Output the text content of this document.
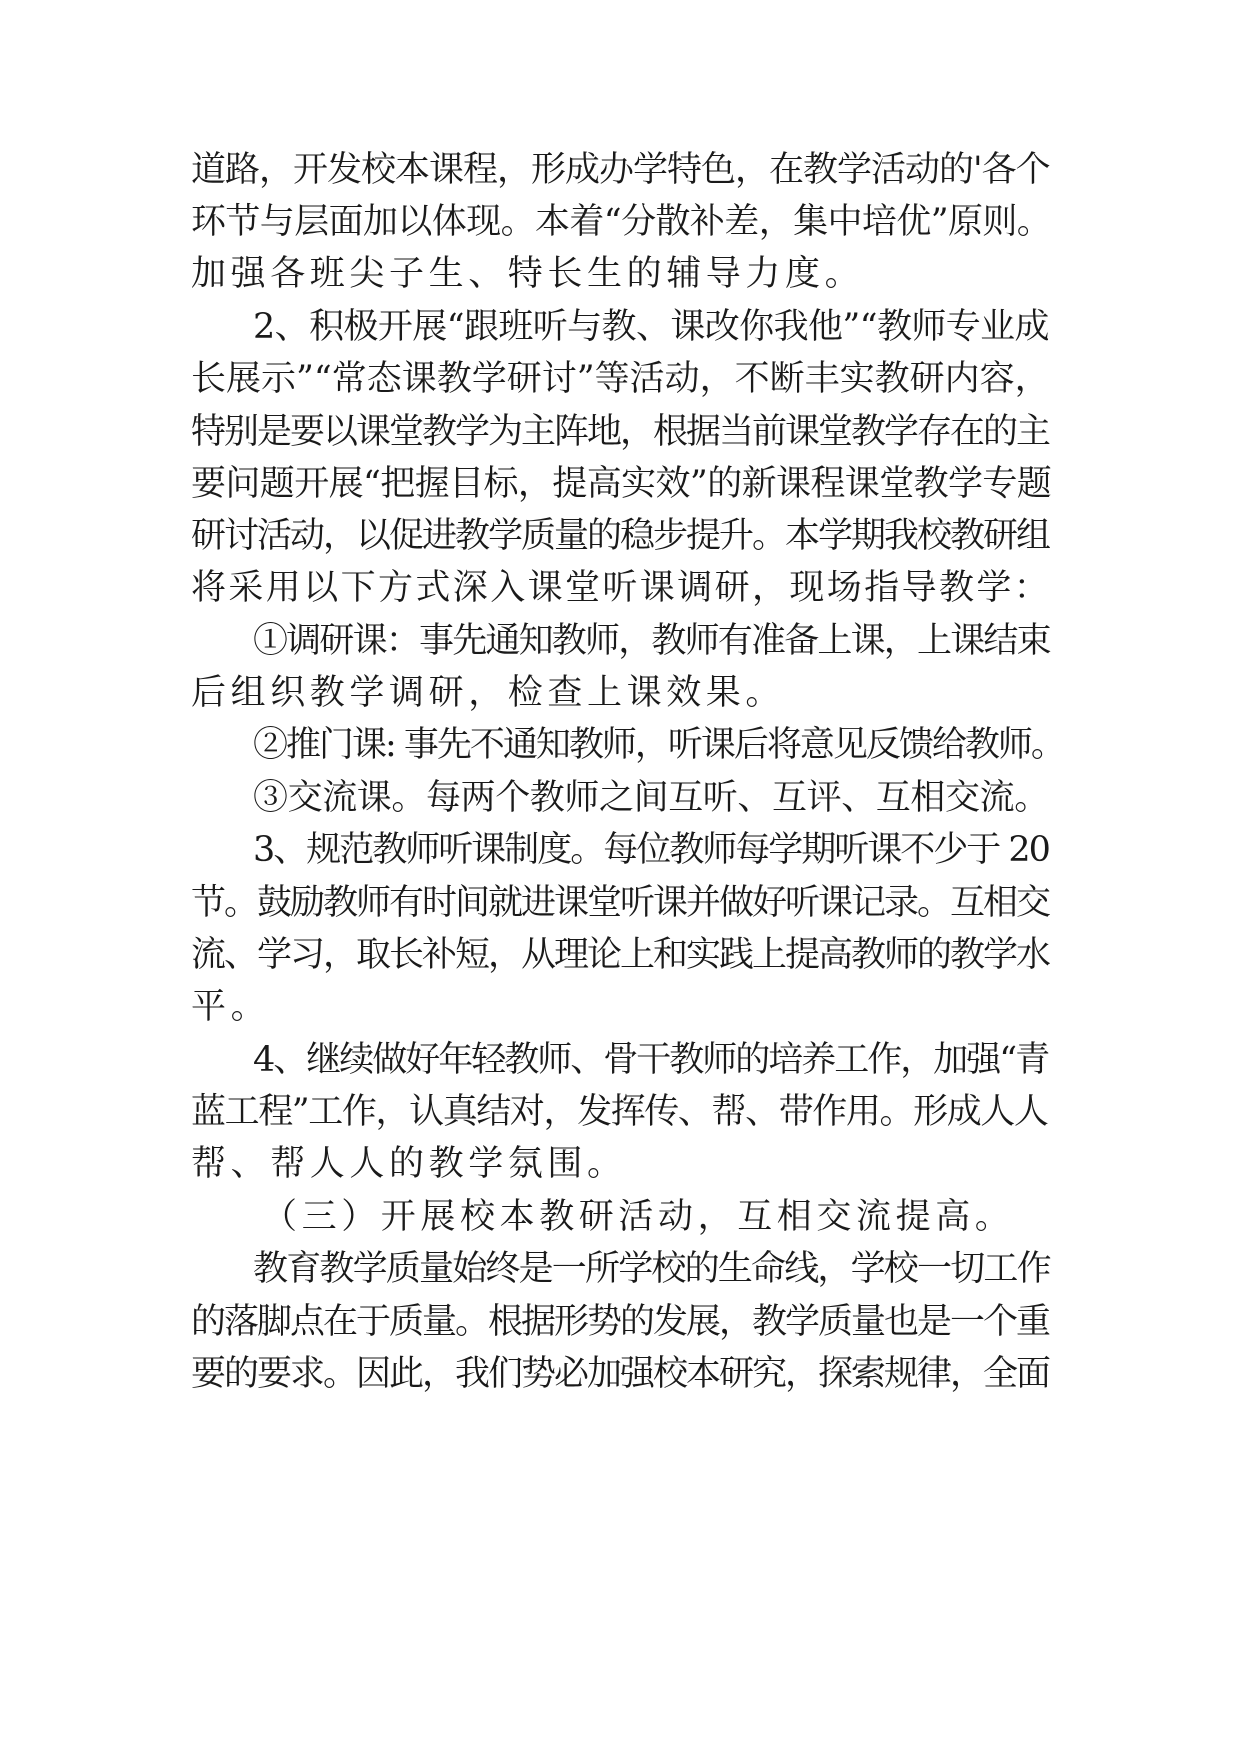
道路，开发校本课程，形成办学特色，在教学活动的'各个

环节与层面加以体现。本着“分散补差，集中培优”原则。

加强各班尖子生、特长生的辅导力度。

2、积极开展“跟班听与教、课改你我他”“教师专业成

长展示”“常态课教学研讨”等活动，不断丰实教研内容，

特别是要以课堂教学为主阵地，根据当前课堂教学存在的主

要问题开展“把握目标，提高实效”的新课程课堂教学专题

研讨活动，以促进教学质量的稳步提升。本学期我校教研组

将采用以下方式深入课堂听课调研，现场指导教学：

①调研课：事先通知教师，教师有准备上课，上课结束

后组织教学调研，检查上课效果。

②推门课: 事先不通知教师，听课后将意见反馈给教师。

③交流课。每两个教师之间互听、互评、互相交流。

3、规范教师听课制度。每位教师每学期听课不少于 20

节。鼓励教师有时间就进课堂听课并做好听课记录。互相交

流、学习，取长补短，从理论上和实践上提高教师的教学水

平。

4、继续做好年轻教师、骨干教师的培养工作，加强“青

蓝工程”工作，认真结对，发挥传、帮、带作用。形成人人

帮、帮人人的教学氛围。

（三）开展校本教研活动，互相交流提高。

教育教学质量始终是一所学校的生命线，学校一切工作

的落脚点在于质量。根据形势的发展，教学质量也是一个重

要的要求。因此，我们势必加强校本研究，探索规律，全面
